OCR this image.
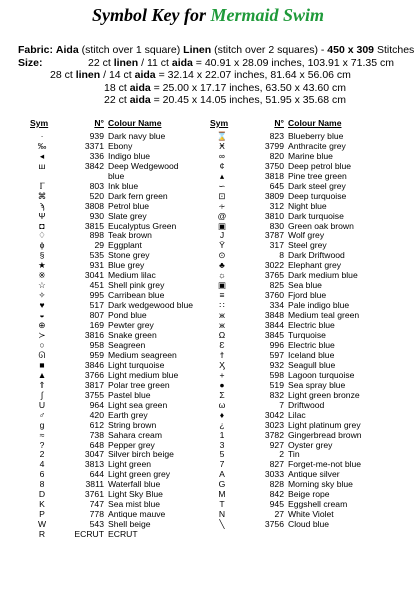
Symbol Key for Mermaid Swim
Fabric: Aida (stitch over 1 square) Linen (stitch over 2 squares) - 450 x 309 Stitches
Size:	22 ct linen / 11 ct aida = 40.91 x 28.09 inches, 103.91 x 71.35 cm
28 ct linen / 14 ct aida = 32.14 x 22.07 inches, 81.64 x 56.06 cm
18 ct aida = 25.00 x 17.17 inches, 63.50 x 43.60 cm
22 ct aida = 20.45 x 14.05 inches, 51.95 x 35.68 cm
Sym	N° Colour Name
·	939 Dark navy blue
‰	3371 Ebony
◂	336 Indigo blue
ш	3842 Deep Wedgewood
blue
ℾ	803 Ink blue
⌘	520 Dark fern green
ϡ	3808 Petrol blue
Ψ	930 Slate grey
◘	3815 Eucalyptus Green
♢	898 Teak brown
ϕ	29 Eggplant
§	535 Stone grey
★	931 Blue grey
※	3041 Medium lilac
☆	451 Shell pink grey
✧	995 Carribean blue
♥	517 Dark wedgewood blue
◒	807 Pond blue
⊕	169 Pewter grey
≻	3816 Snake green
○	958 Seagreen
ᘏ	959 Medium seagreen
■	3846 Light turquoise
▲	3766 Light medium blue
⇑	3817 Polar tree green
∫	3755 Pastel blue
U	964 Light sea green
♂	420 Earth grey
g	612 String brown
≈	738 Sahara cream
?	648 Pepper grey
2	3047 Silver birch beige
4	3813 Light green
6	644 Light green grey
8	3811 Waterfall blue
D	3761 Light Sky Blue
K	747 Sea mist blue
P	778 Antique mauve
W	543 Shell beige
R	ECRUT ECRUT
Sym	N° Colour Name
⌛	823 Blueberry blue
Ӿ	3799 Anthracite grey
∞	820 Marine blue
¢	3750 Deep petrol blue
▴	3818 Pine tree green
∽	645 Dark steel grey
⊡	3809 Deep turquoise
∻	312 Night blue
@	3810 Dark turquoise
▣	830 Green oak brown
J	3787 Wolf grey
Ϋ	317 Steel grey
⊙	8 Dark Driftwood
♣	3022 Elephant grey
☼	3765 Dark medium blue
▣	825 Sea blue
≡	3760 Fjord blue
∷	334 Pale indigo blue
ж	3848 Medium teal green
ж	3844 Electric blue
Ω	3845 Turquoise
Ɛ	996 Electric blue
ϯ	597 Iceland blue
Ӽ	932 Seagull blue
+	598 Lagoon turquoise
●	519 Sea spray blue
Σ	832 Light green bronze
ω	7 Driftwood
♦	3042 Lilac
¿	3023 Light platinum grey
1	3782 Gingerbread brown
3	927 Oyster grey
5	2 Tin
7	827 Forget-me-not blue
A	3033 Antique silver
G	828 Morning sky blue
M	842 Beige rope
T	945 Eggshell cream
N	27 White Violet
╲	3756 Cloud blue
